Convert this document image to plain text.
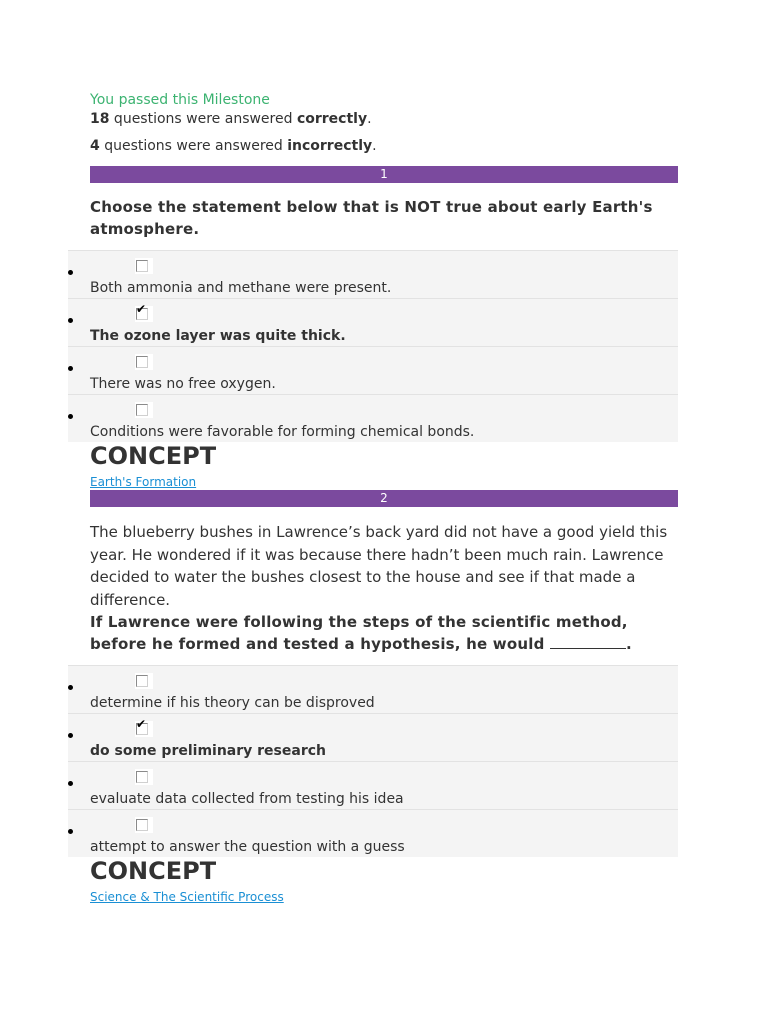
You passed this Milestone
18 questions were answered correctly.
4 questions were answered incorrectly.
1
Choose the statement below that is NOT true about early Earth's atmosphere.
Both ammonia and methane were present.
✔
The ozone layer was quite thick.
There was no free oxygen.
Conditions were favorable for forming chemical bonds.
CONCEPT
Earth's Formation
2
The blueberry bushes in Lawrence’s back yard did not have a good yield this year. He wondered if it was because there hadn’t been much rain. Lawrence decided to water the bushes closest to the house and see if that made a difference.
If Lawrence were following the steps of the scientific method, before he formed and tested a hypothesis, he would	.
determine if his theory can be disproved
✔
do some preliminary research
evaluate data collected from testing his idea
attempt to answer the question with a guess
CONCEPT
Science & The Scientific Process
